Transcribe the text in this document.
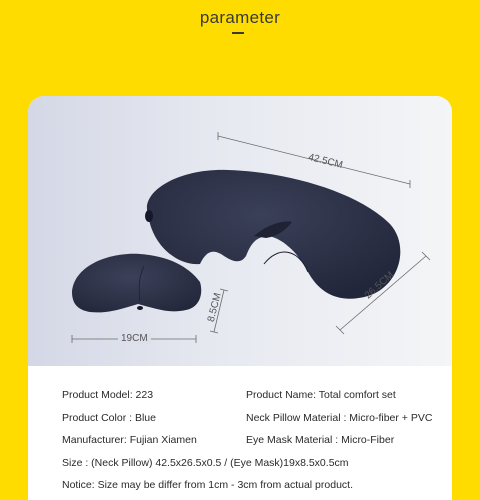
parameter
42.5CM
26.5CM
19CM
8.5CM
Product Model: 223	Product Name: Total comfort set
Product Color : Blue	Neck Pillow Material : Micro-fiber + PVC
Manufacturer: Fujian Xiamen	Eye Mask Material : Micro-Fiber
Size : (Neck Pillow) 42.5x26.5x0.5 / (Eye Mask)19x8.5x0.5cm
Notice: Size may be differ from 1cm - 3cm from actual product.
